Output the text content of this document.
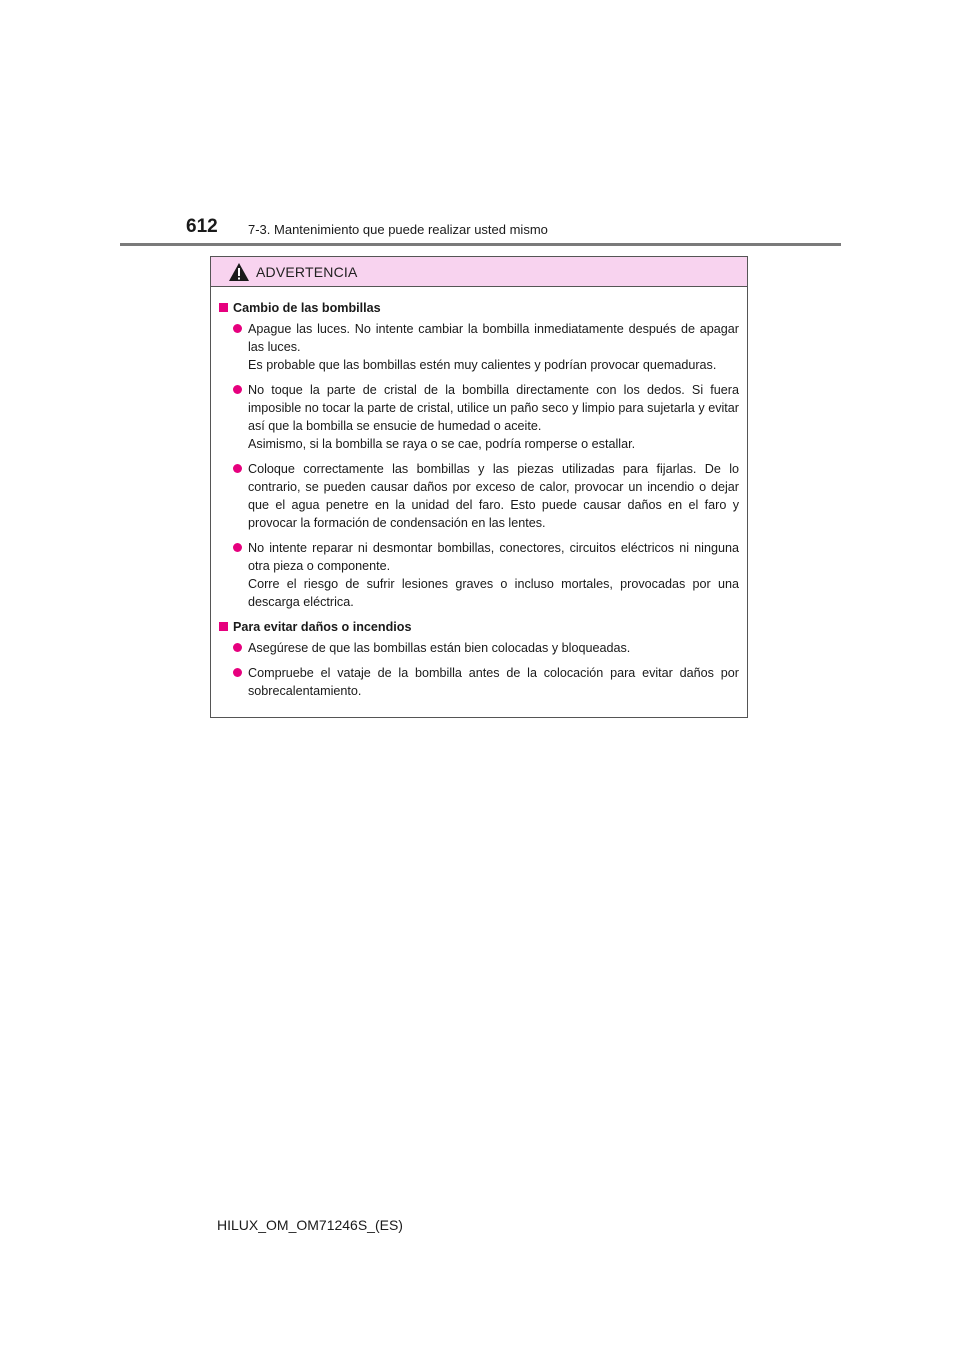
612 7-3. Mantenimiento que puede realizar usted mismo
ADVERTENCIA
Cambio de las bombillas

Apague las luces. No intente cambiar la bombilla inmediatamente después de apagar las luces.

Es probable que las bombillas estén muy calientes y podrían provocar quemaduras.

No toque la parte de cristal de la bombilla directamente con los dedos. Si fuera imposible no tocar la parte de cristal, utilice un paño seco y limpio para sujetarla y evitar así que la bombilla se ensucie de humedad o aceite.

Asimismo, si la bombilla se raya o se cae, podría romperse o estallar.

Coloque correctamente las bombillas y las piezas utilizadas para fijarlas. De lo contrario, se pueden causar daños por exceso de calor, provocar un incendio o dejar que el agua penetre en la unidad del faro. Esto puede causar daños en el faro y provocar la formación de condensación en las lentes.

No intente reparar ni desmontar bombillas, conectores, circuitos eléctricos ni ninguna otra pieza o componente.

Corre el riesgo de sufrir lesiones graves o incluso mortales, provocadas por una descarga eléctrica.

Para evitar daños o incendios

Asegúrese de que las bombillas están bien colocadas y bloqueadas.

Compruebe el vataje de la bombilla antes de la colocación para evitar daños por sobrecalentamiento.

HILUX_OM_OM71246S_(ES)
